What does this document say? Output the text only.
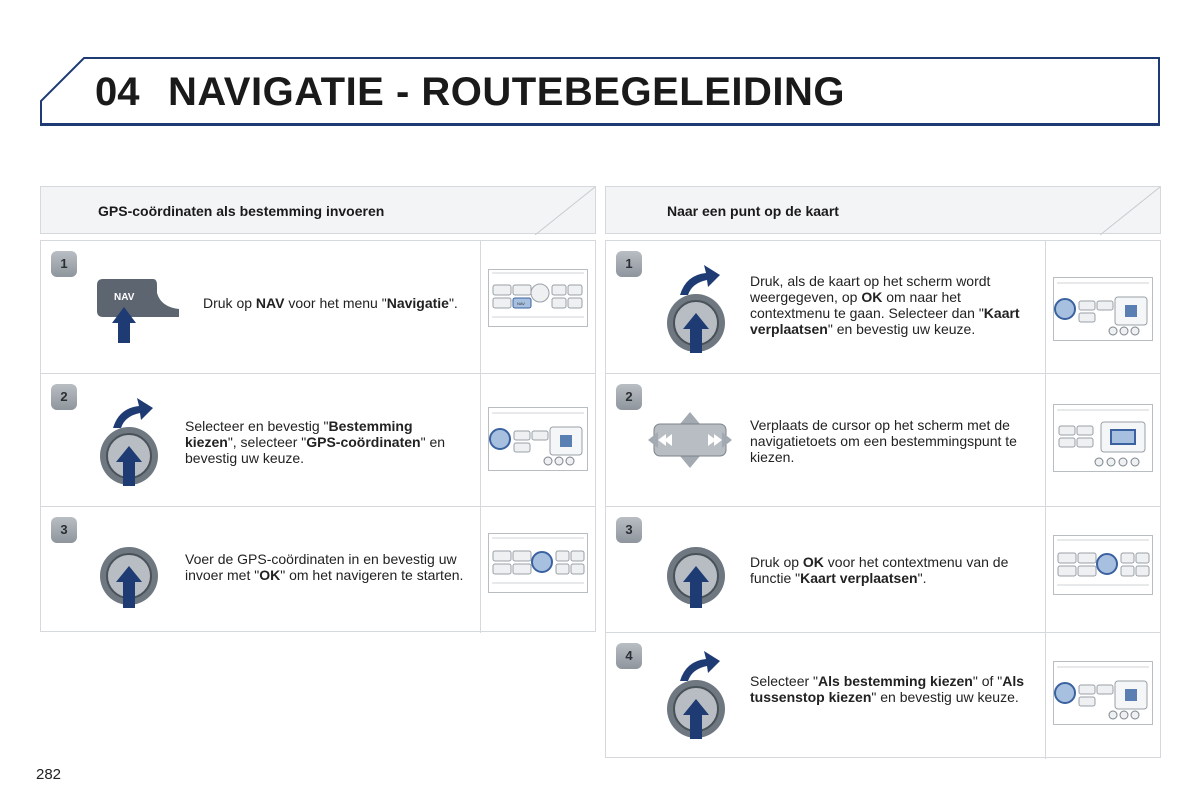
04 NAVIGATIE - ROUTEBEGELEIDING
GPS-coördinaten als bestemming invoeren	Naar een punt op de kaart
1
NAV	Druk op NAV voor het menu "Navigatie".	NAV
2
Selecteer en bevestig "Bestemming kiezen", selecteer "GPS-coördinaten" en bevestig uw keuze.
3
Voer de GPS-coördinaten in en bevestig uw invoer met "OK" om het navigeren te starten.
1
Druk, als de kaart op het scherm wordt weergegeven, op OK om naar het contextmenu te gaan. Selecteer dan "Kaart verplaatsen" en bevestig uw keuze.
2
Verplaats de cursor op het scherm met de navigatietoets om een bestemmingspunt te kiezen.
3
Druk op OK voor het contextmenu van de functie "Kaart verplaatsen".
4
Selecteer "Als bestemming kiezen" of "Als tussenstop kiezen" en bevestig uw keuze.
282
